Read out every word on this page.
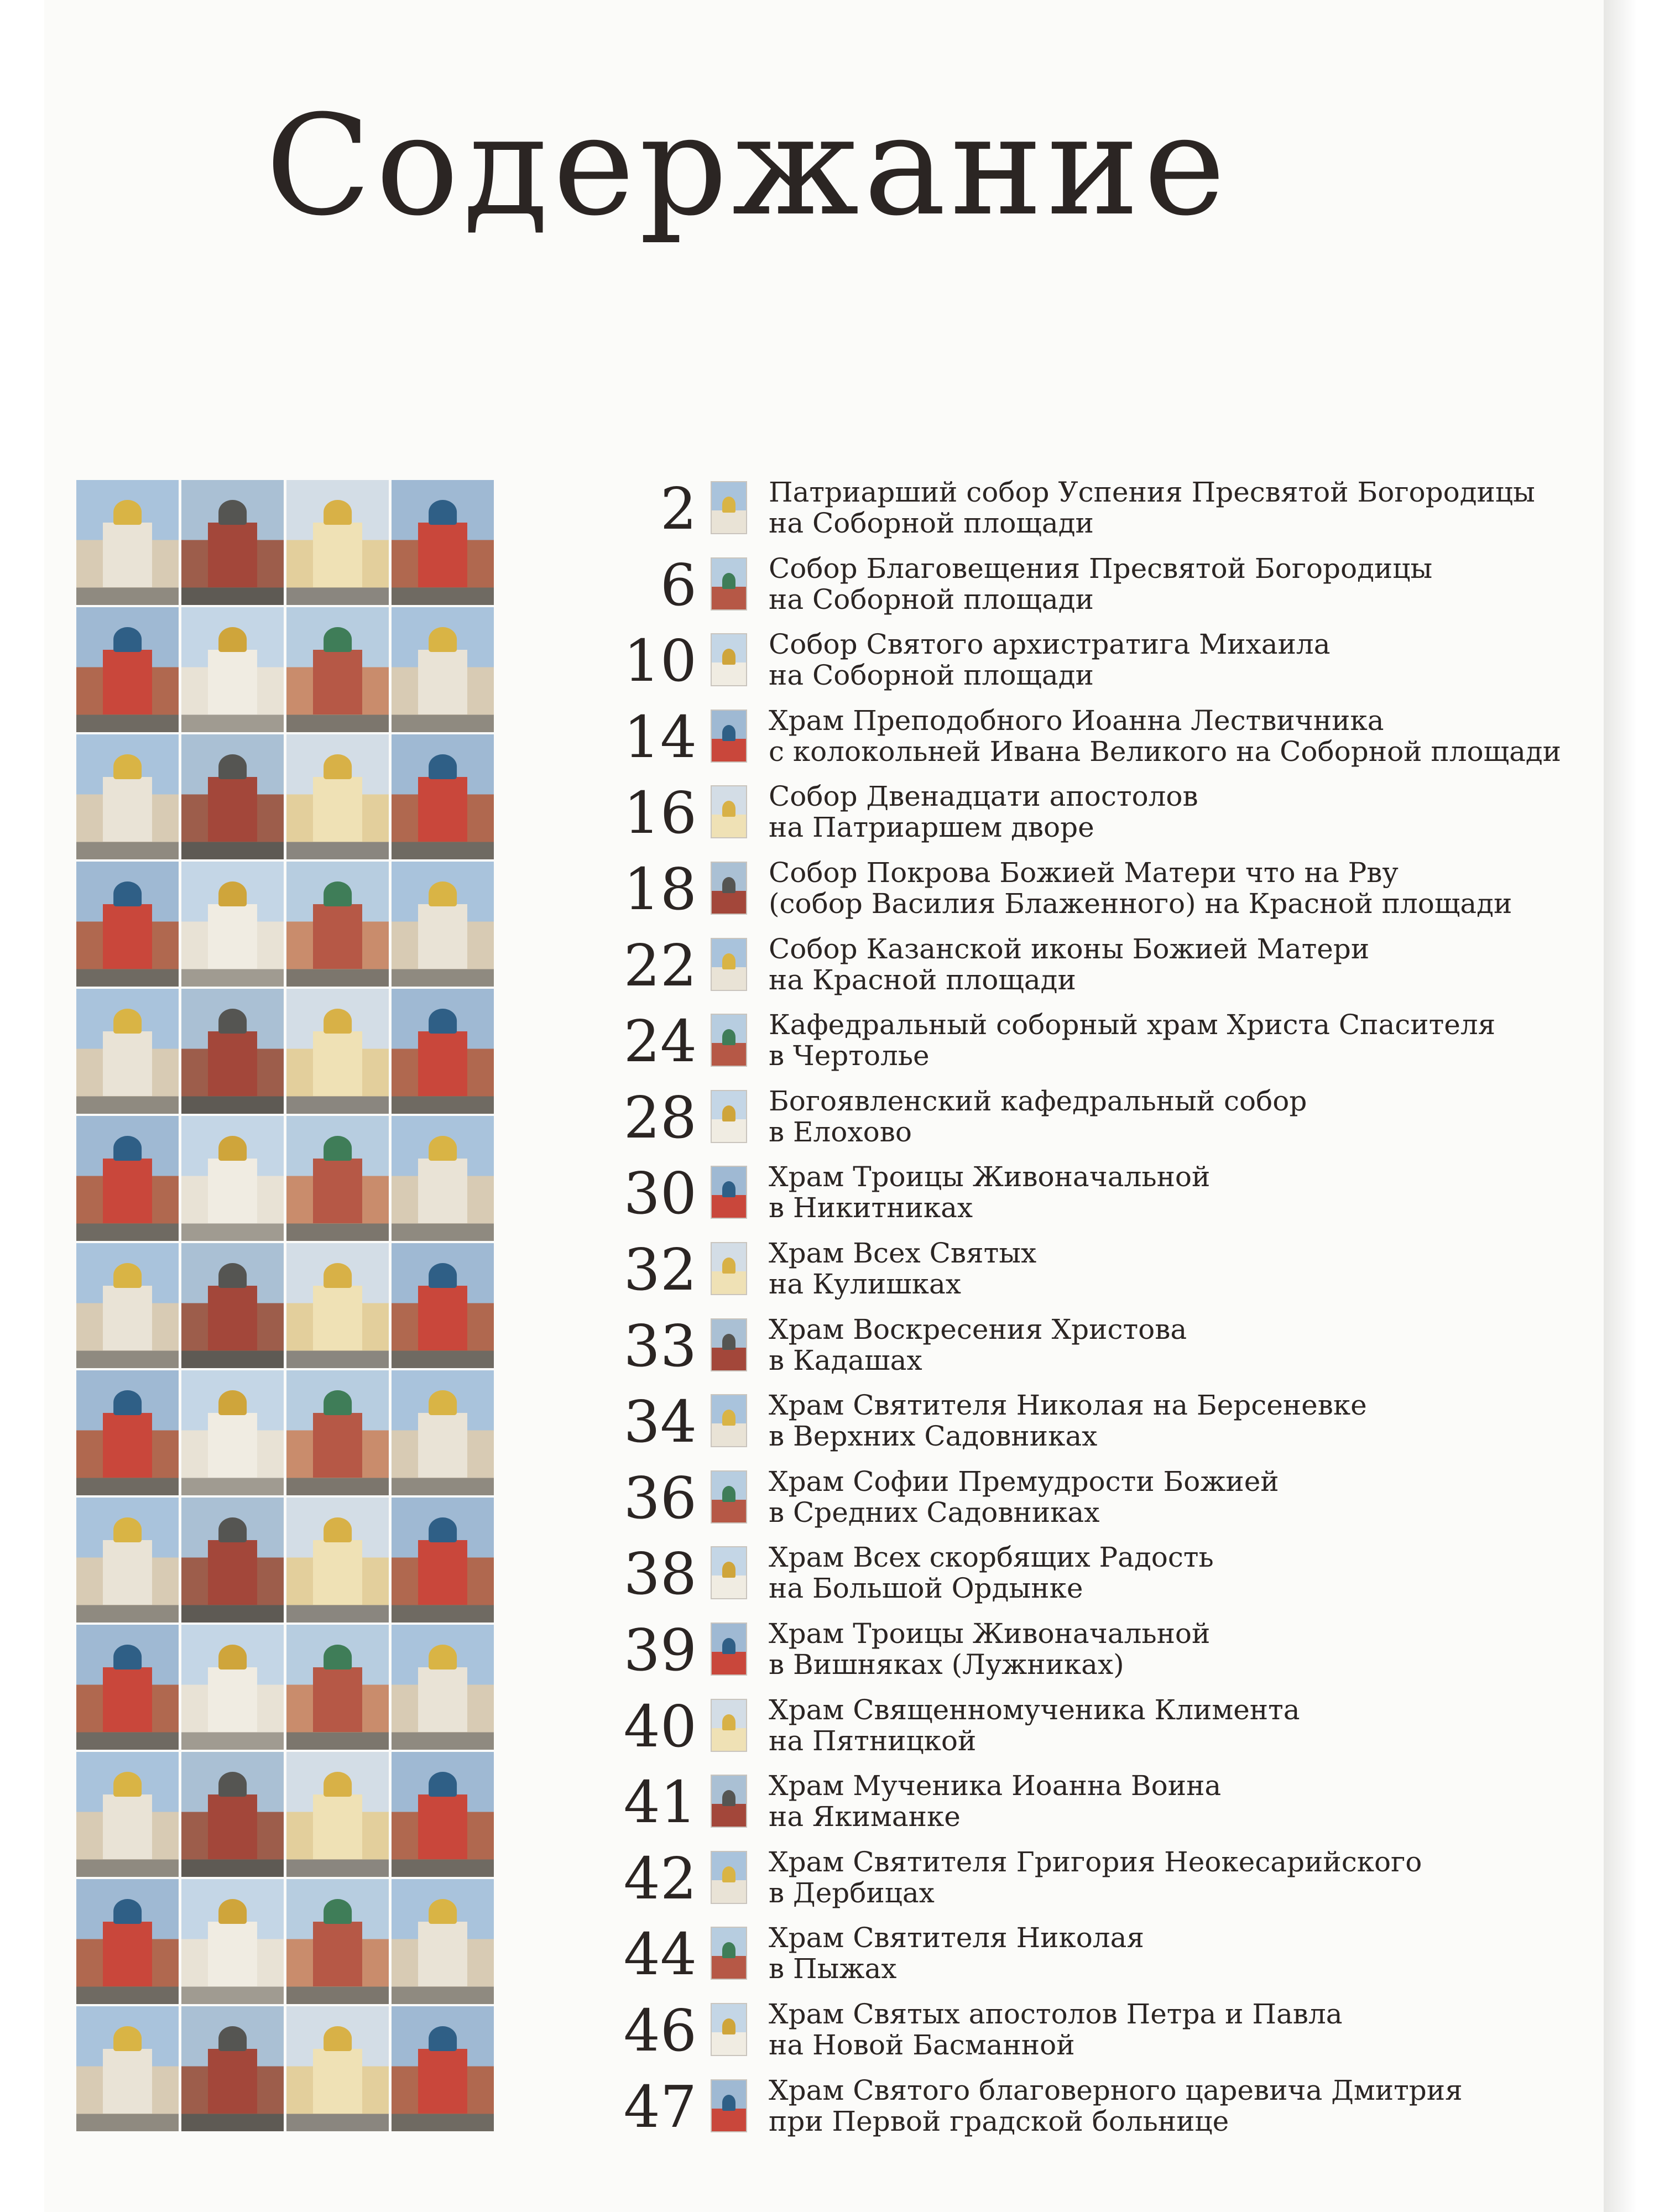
Содержание
2	Патриарший собор Успения Пресвятой Богородицы
на Соборной площади
6	Собор Благовещения Пресвятой Богородицы
на Соборной площади
10	Собор Святого архистратига Михаила
на Соборной площади
14	Храм Преподобного Иоанна Лествичника
с колокольней Ивана Великого на Соборной площади
16	Собор Двенадцати апостолов
на Патриаршем дворе
18	Собор Покрова Божией Матери что на Рву
(собор Василия Блаженного) на Красной площади
22	Собор Казанской иконы Божией Матери
на Красной площади
24	Кафедральный соборный храм Христа Спасителя
в Чертолье
28	Богоявленский кафедральный собор
в Елохово
30	Храм Троицы Живоначальной
в Никитниках
32	Храм Всех Святых
на Кулишках
33	Храм Воскресения Христова
в Кадашах
34	Храм Святителя Николая на Берсеневке
в Верхних Садовниках
36	Храм Софии Премудрости Божией
в Средних Садовниках
38	Храм Всех скорбящих Радость
на Большой Ордынке
39	Храм Троицы Живоначальной
в Вишняках (Лужниках)
40	Храм Священномученика Климента
на Пятницкой
41	Храм Мученика Иоанна Воина
на Якиманке
42	Храм Святителя Григория Неокесарийского
в Дербицах
44	Храм Святителя Николая
в Пыжах
46	Храм Святых апостолов Петра и Павла
на Новой Басманной
47	Храм Святого благоверного царевича Дмитрия
при Первой градской больнице
